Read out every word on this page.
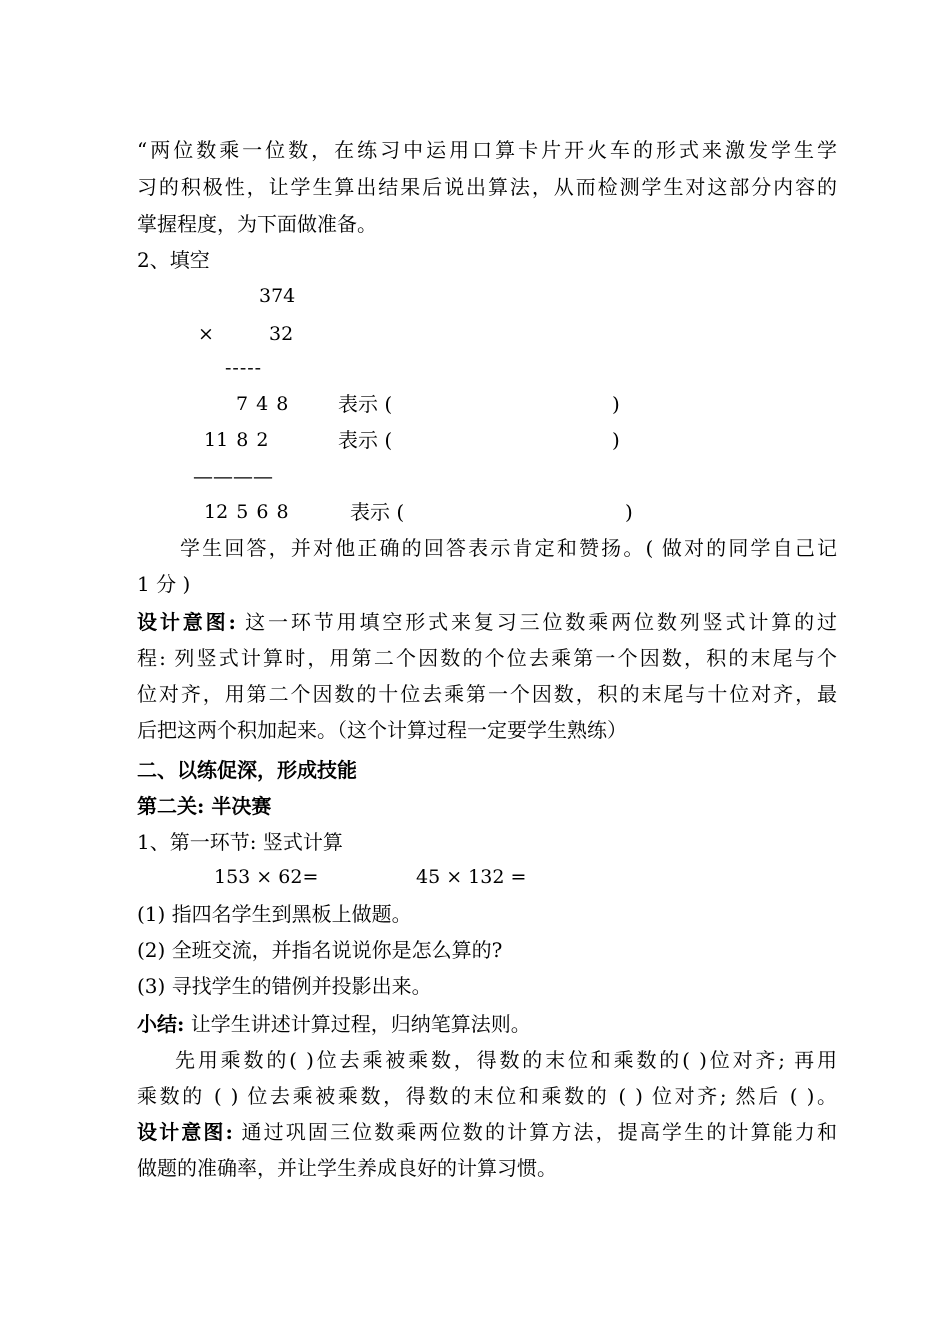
“两位数乘一位数，在练习中运用口算卡片开火车的形式来激发学生学
习的积极性，让学生算出结果后说出算法，从而检测学生对这部分内容的
掌握程度，为下面做准备。
2、填空
374
×	32
-----
7 4 8 表示 (	)
11 8 2	表示 (	)
————
12 5 6 8	表示 (	)
学生回答，并对他正确的回答表示肯定和赞扬。( 做对的同学自己记
1 分 )
设计意图: 这一环节用填空形式来复习三位数乘两位数列竖式计算的过
程: 列竖式计算时，用第二个因数的个位去乘第一个因数，积的末尾与个
位对齐，用第二个因数的十位去乘第一个因数，积的末尾与十位对齐，最
后把这两个积加起来。（这个计算过程一定要学生熟练）
二、以练促深，形成技能
第二关: 半决赛
1、第一环节: 竖式计算
153 × 62=	45 × 132 =
(1) 指四名学生到黑板上做题。
(2) 全班交流，并指名说说你是怎么算的?
(3) 寻找学生的错例并投影出来。
小结: 让学生讲述计算过程，归纳笔算法则。
先用乘数的( )位去乘被乘数，得数的末位和乘数的( )位对齐; 再用
乘数的 ( ) 位去乘被乘数，得数的末位和乘数的 ( ) 位对齐; 然后 ( )。
设计意图: 通过巩固三位数乘两位数的计算方法，提高学生的计算能力和
做题的准确率，并让学生养成良好的计算习惯。
